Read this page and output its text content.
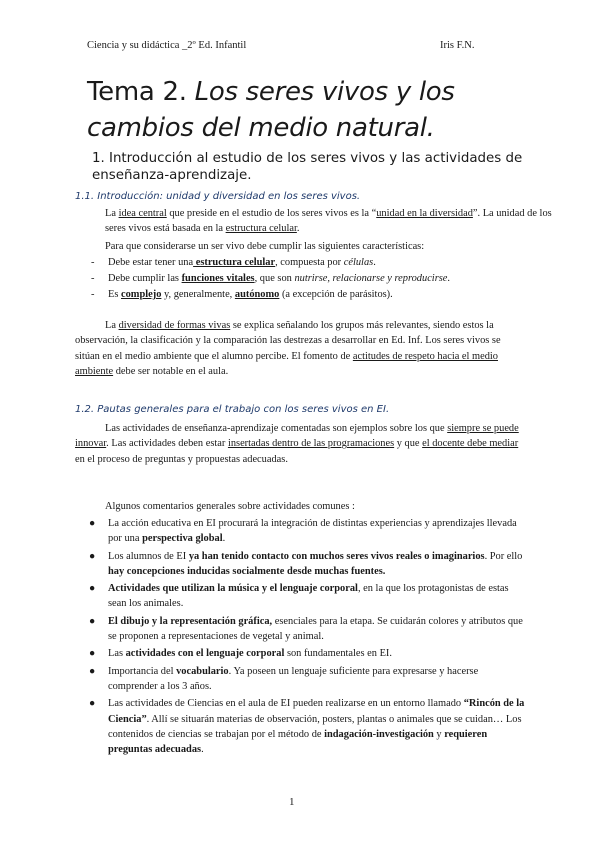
Ciencia y su didáctica _2º Ed. Infantil	Iris F.N.
Tema 2. Los seres vivos y los cambios del medio natural.
1. Introducción al estudio de los seres vivos y las actividades de enseñanza-aprendizaje.
1.1. Introducción: unidad y diversidad en los seres vivos.
La idea central que preside en el estudio de los seres vivos es la “unidad en la diversidad”. La unidad de los seres vivos está basada en la estructura celular.
Para que considerarse un ser vivo debe cumplir las siguientes características:
- Debe estar tener una estructura celular, compuesta por células.
- Debe cumplir las funciones vitales, que son nutrirse, relacionarse y reproducirse.
- Es complejo y, generalmente, autónomo (a excepción de parásitos).
La diversidad de formas vivas se explica señalando los grupos más relevantes, siendo estos la observación, la clasificación y la comparación las destrezas a desarrollar en Ed. Inf. Los seres vivos se sitúan en el medio ambiente que el alumno percibe. El fomento de actitudes de respeto hacia el medio ambiente debe ser notable en el aula.
1.2. Pautas generales para el trabajo con los seres vivos en EI.
Las actividades de enseñanza-aprendizaje comentadas son ejemplos sobre los que siempre se puede innovar. Las actividades deben estar insertadas dentro de las programaciones y que el docente debe mediar en el proceso de preguntas y propuestas adecuadas.
Algunos comentarios generales sobre actividades comunes :
● La acción educativa en EI procurará la integración de distintas experiencias y aprendizajes llevada por una perspectiva global.
● Los alumnos de EI ya han tenido contacto con muchos seres vivos reales o imaginarios. Por ello hay concepciones inducidas socialmente desde muchas fuentes.
● Actividades que utilizan la música y el lenguaje corporal, en la que los protagonistas de estas sean los animales.
● El dibujo y la representación gráfica, esenciales para la etapa. Se cuidarán colores y atributos que se proponen a representaciones de vegetal y animal.
● Las actividades con el lenguaje corporal son fundamentales en EI.
● Importancia del vocabulario. Ya poseen un lenguaje suficiente para expresarse y hacerse comprender a los 3 años.
● Las actividades de Ciencias en el aula de EI pueden realizarse en un entorno llamado “Rincón de la Ciencia”. Allí se situarán materias de observación, posters, plantas o animales que se cuidan… Los contenidos de ciencias se trabajan por el método de indagación-investigación y requieren preguntas adecuadas.
1
